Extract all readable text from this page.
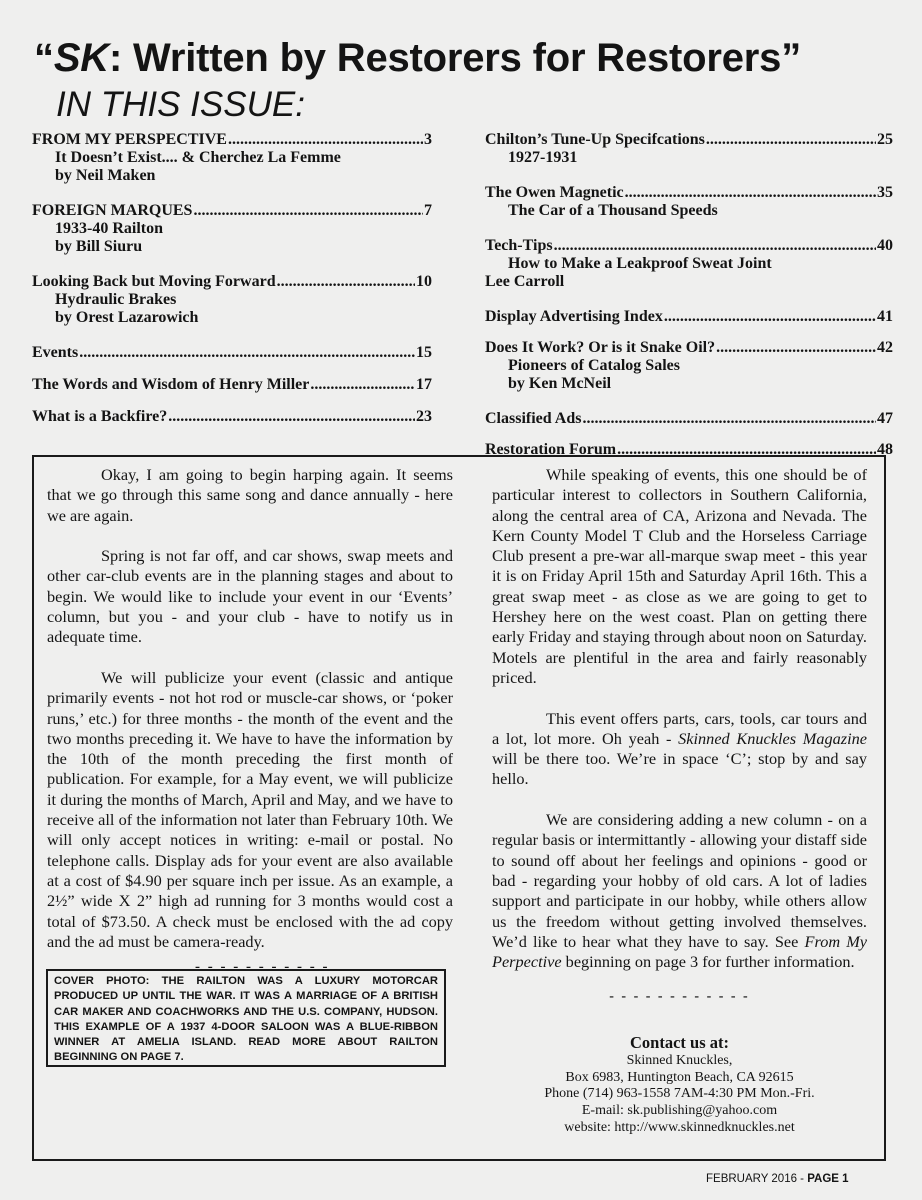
“SK: Written by Restorers for Restorers”
IN THIS ISSUE:
FROM MY PERSPECTIVE .....	3
It Doesn’t Exist.... & Cherchez La Femme
by Neil Maken
FOREIGN MARQUES .....	7
1933-40 Railton
by Bill Siuru
Looking Back but Moving Forward .....	10
Hydraulic Brakes
by Orest Lazarowich
Events .....	15
The Words and Wisdom of Henry Miller .....	17
What is a Backfire? .....	23
Chilton’s Tune-Up Specifcations .....	25
1927-1931
The Owen Magnetic .....	35
The Car of a Thousand Speeds
Tech-Tips .....	40
How to Make a Leakproof Sweat Joint
Lee Carroll
Display Advertising Index .....	41
Does It Work? Or is it Snake Oil? .....	42
Pioneers of Catalog Sales
by Ken McNeil
Classified Ads .....	47
Restoration Forum .....	48

Okay, I am going to begin harping again. It seems that we go through this same song and dance annually - here we are again.

Spring is not far off, and car shows, swap meets and other car-club events are in the planning stages and about to begin. We would like to include your event in our ‘Events’ column, but you - and your club - have to notify us in adequate time.

We will publicize your event (classic and antique primarily events - not hot rod or muscle-car shows, or ‘poker runs,’ etc.) for three months - the month of the event and the two months preceding it. We have to have the information by the 10th of the month preceding the first month of publication. For example, for a May event, we will publicize it during the months of March, April and May, and we have to receive all of the information not later than February 10th. We will only accept notices in writing: e-mail or postal. No telephone calls. Display ads for your event are also available at a cost of $4.90 per square inch per issue. As an example, a 2½” wide X 2” high ad running for 3 months would cost a total of $73.50. A check must be enclosed with the ad copy and the ad must be camera-ready.

- - - - - - - - - - -

While speaking of events, this one should be of particular interest to collectors in Southern California, along the central area of CA, Arizona and Nevada. The Kern County Model T Club and the Horseless Carriage Club present a pre-war all-marque swap meet - this year it is on Friday April 15th and Saturday April 16th. This a great swap meet - as close as we are going to get to Hershey here on the west coast. Plan on getting there early Friday and staying through about noon on Saturday. Motels are plentiful in the area and fairly reasonably priced.

This event offers parts, cars, tools, car tours and a lot, lot more. Oh yeah - Skinned Knuckles Magazine will be there too. We’re in space ‘C’; stop by and say hello.

We are considering adding a new column - on a regular basis or intermittantly - allowing your distaff side to sound off about her feelings and opinions - good or bad - regarding your hobby of old cars. A lot of ladies support and participate in our hobby, while others allow us the freedom without getting involved themselves. We’d like to hear what they have to say. See From My Perpective beginning on page 3 for further information.

- - - - - - - - - - - -
COVER PHOTO: THE RAILTON WAS A LUXURY MOTORCAR PRODUCED UP UNTIL THE WAR. IT WAS A MARRIAGE OF A BRITISH CAR MAKER AND COACHWORKS AND THE U.S. COMPANY, HUDSON. THIS EXAMPLE OF A 1937 4-DOOR SALOON WAS A BLUE-RIBBON WINNER AT AMELIA ISLAND. READ MORE ABOUT RAILTON BEGINNING ON PAGE 7.
Contact us at:
Skinned Knuckles,
Box 6983, Huntington Beach, CA 92615
Phone (714) 963-1558 7AM-4:30 PM Mon.-Fri.
E-mail: sk.publishing@yahoo.com
website: http://www.skinnedknuckles.net
FEBRUARY 2016 - PAGE 1
